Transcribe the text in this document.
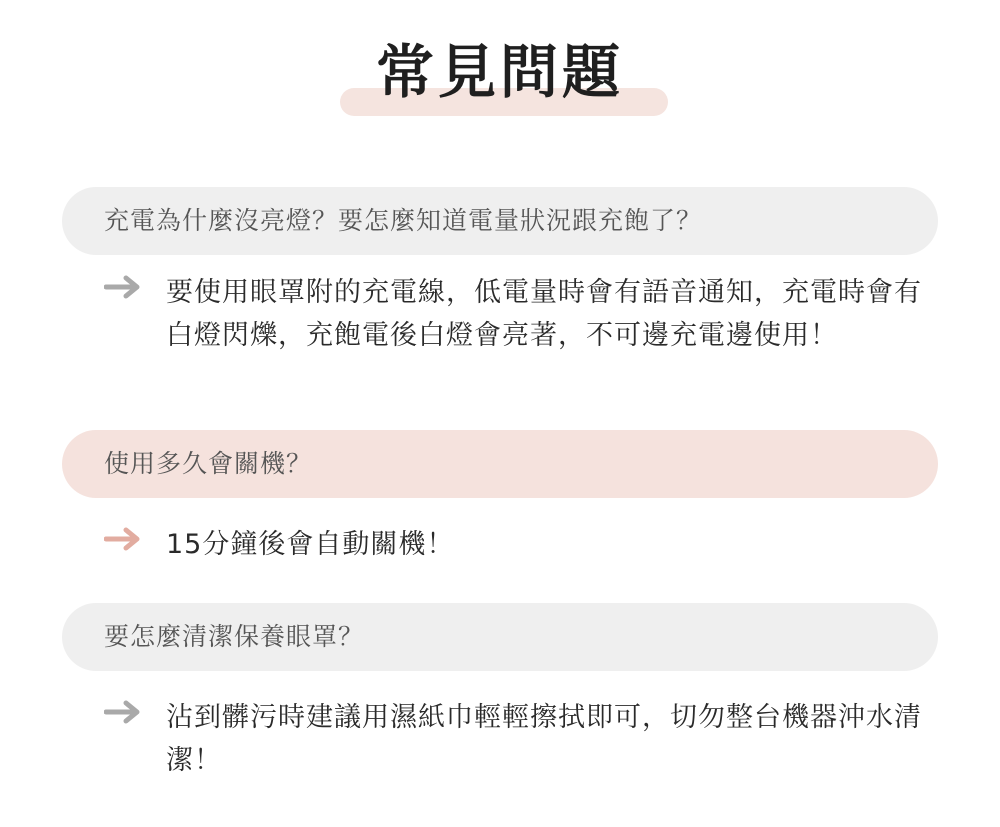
常見問題
充電為什麼沒亮燈？要怎麼知道電量狀況跟充飽了？
要使用眼罩附的充電線，低電量時會有語音通知，充電時會有白燈閃爍，充飽電後白燈會亮著，不可邊充電邊使用！
使用多久會關機？
15分鐘後會自動關機！
要怎麼清潔保養眼罩？
沾到髒污時建議用濕紙巾輕輕擦拭即可，切勿整台機器沖水清潔！
